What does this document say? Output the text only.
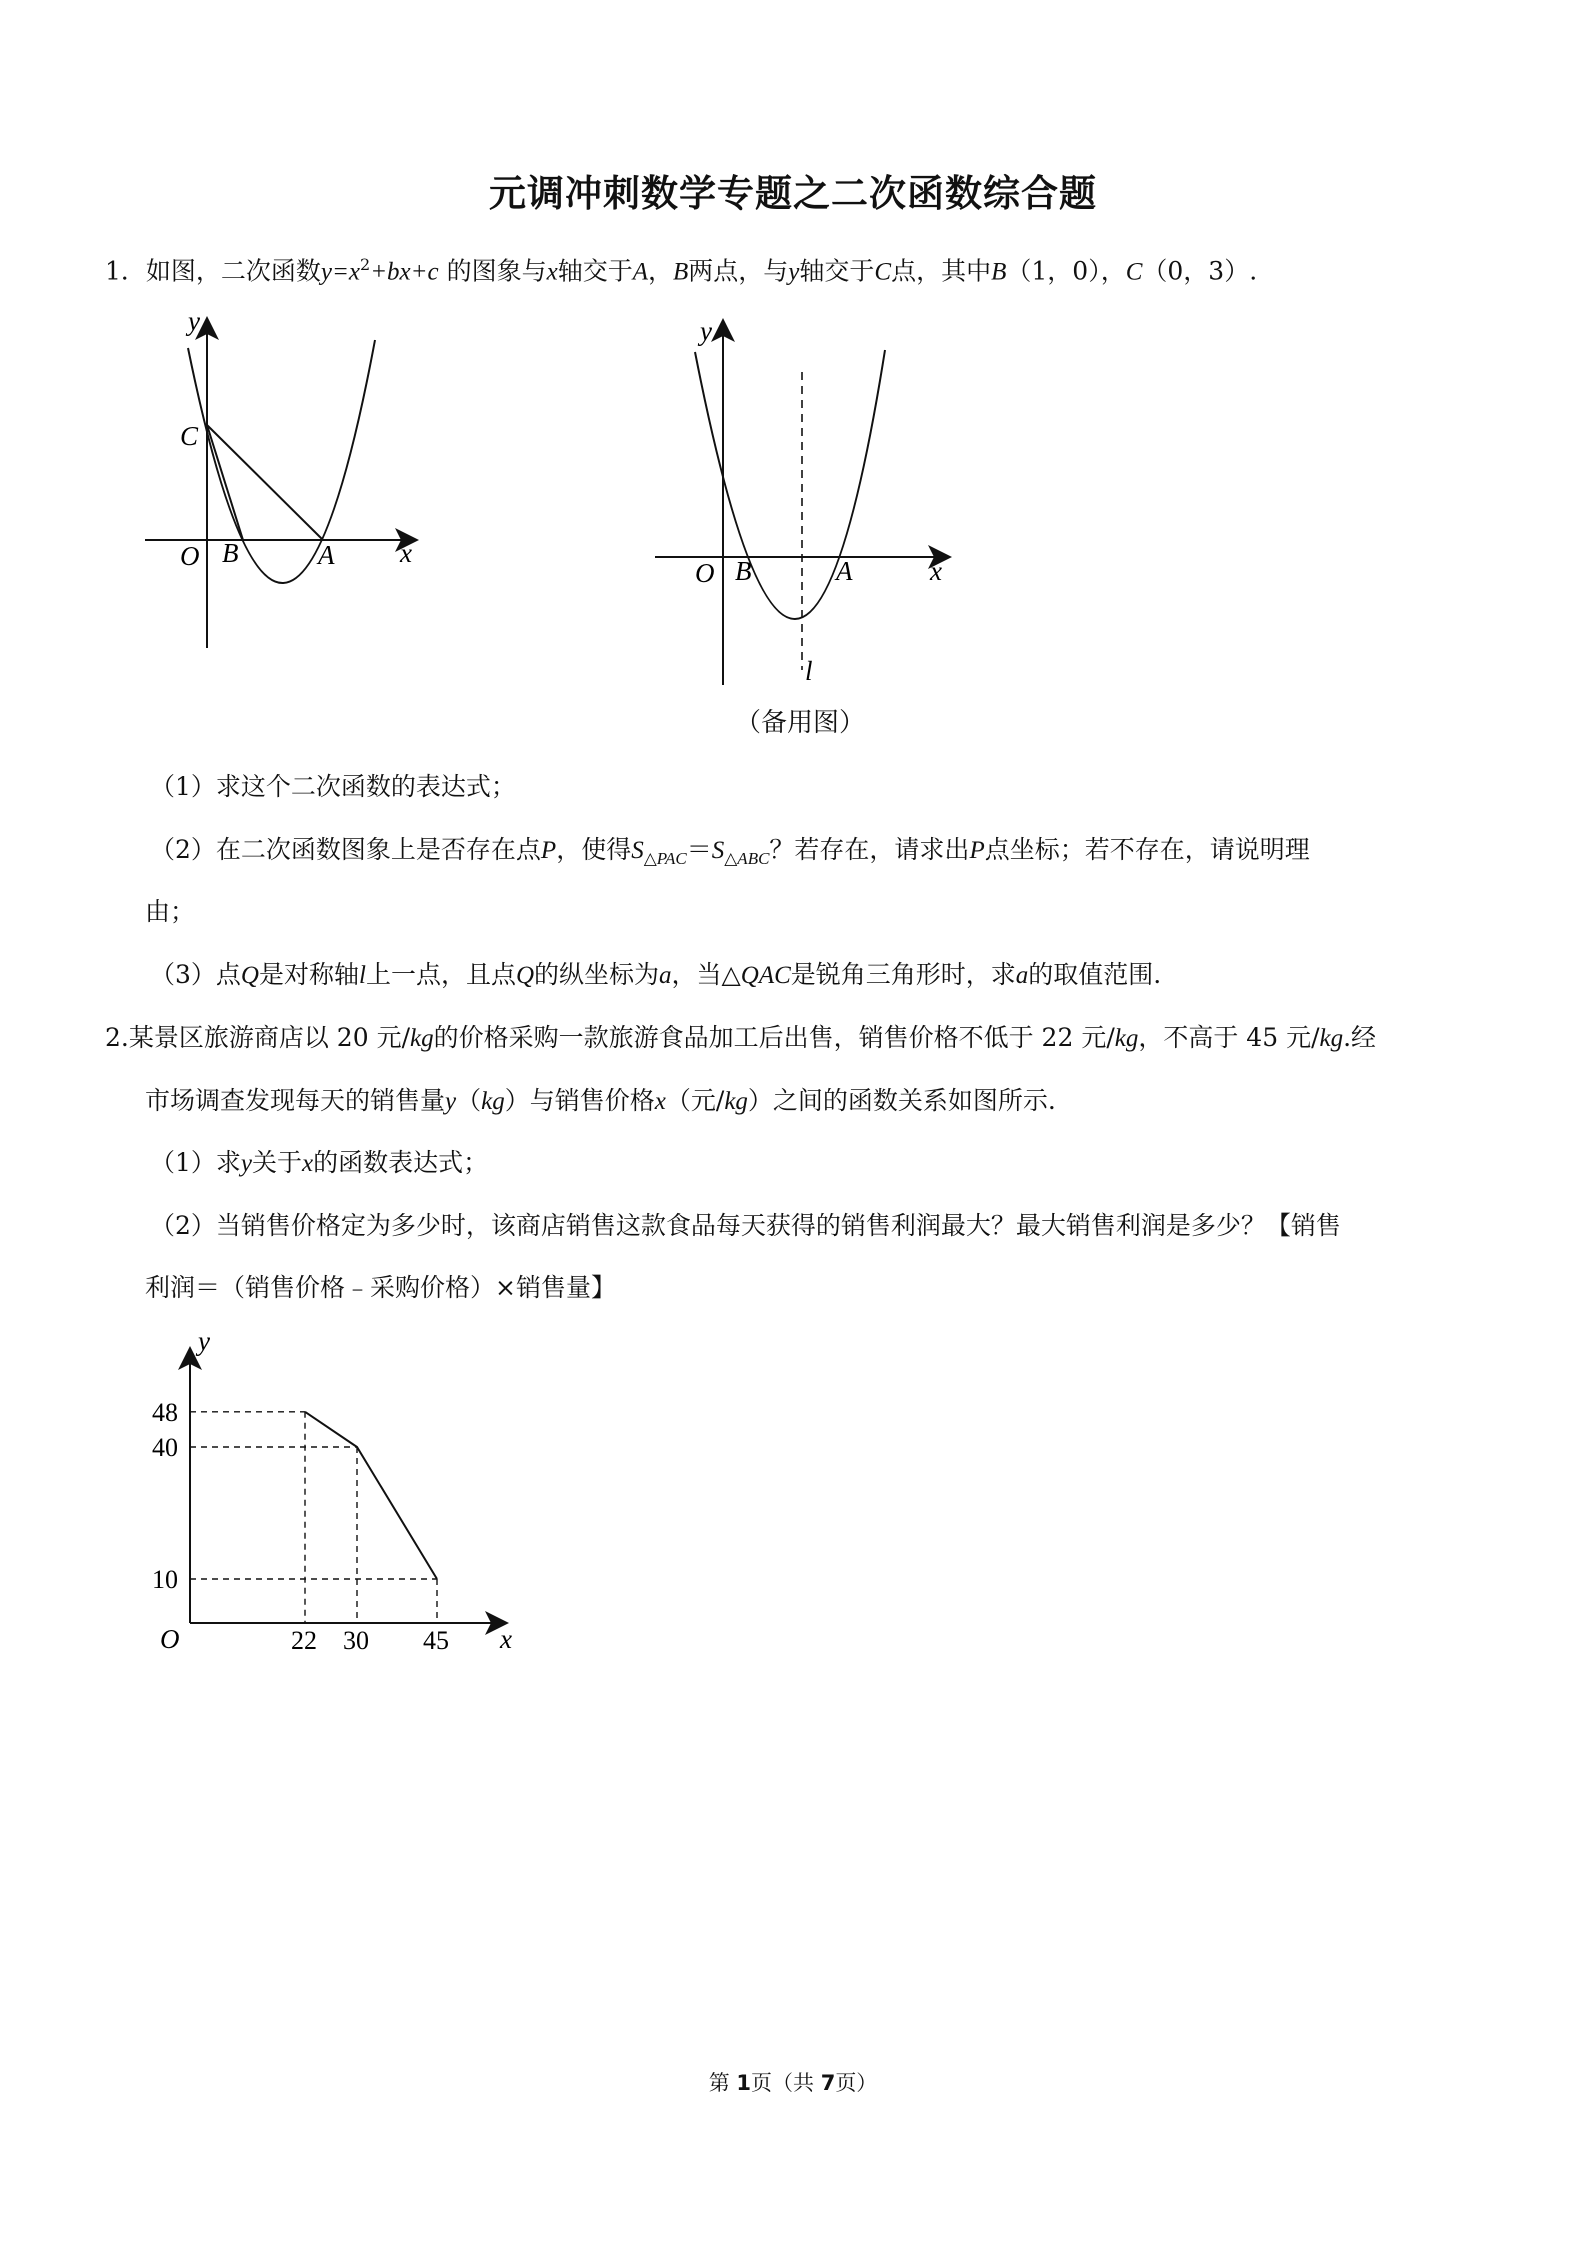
元调冲刺数学专题之二次函数综合题
1．如图，二次函数$y=x^2+bx+c$ 的图象与x轴交于A，B两点，与y轴交于C点，其中B（1，0），C（0，3）.
y
x
O B	A
C
y
x
O B	A
l
（备用图）
（1）求这个二次函数的表达式；
（2）在二次函数图象上是否存在点P，使得$S_{\triangle PAC}=S_{\triangle ABC}$？若存在，请求出P点坐标；若不存在，请说明理
由；
（3）点Q是对称轴l上一点，且点Q的纵坐标为a，当△QAC是锐角三角形时，求a的取值范围.
2.某景区旅游商店以 20 元/kg的价格采购一款旅游食品加工后出售，销售价格不低于 22 元/kg，不高于 45 元/kg.经
市场调查发现每天的销售量y（kg）与销售价格x（元/kg）之间的函数关系如图所示.
（1）求y关于x的函数表达式；
（2）当销售价格定为多少时，该商店销售这款食品每天获得的销售利润最大？最大销售利润是多少？【销售
利润＝（销售价格﹣采购价格）×销售量】
48
22
40
30
10
45
y
x
O
第 1页（共 7页）
